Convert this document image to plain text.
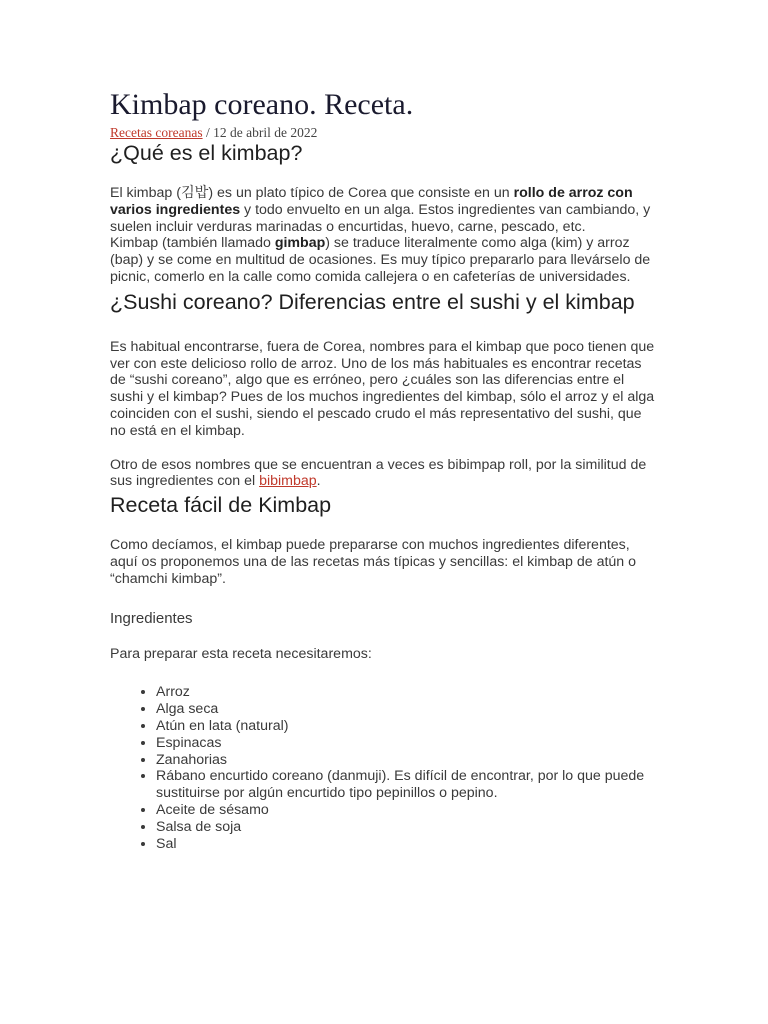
Kimbap coreano. Receta.
Recetas coreanas / 12 de abril de 2022
¿Qué es el kimbap?

El kimbap (김밥) es un plato típico de Corea que consiste en un rollo de arroz con varios ingredientes y todo envuelto en un alga. Estos ingredientes van cambiando, y suelen incluir verduras marinadas o encurtidas, huevo, carne, pescado, etc.

Kimbap (también llamado gimbap) se traduce literalmente como alga (kim) y arroz (bap) y se come en multitud de ocasiones. Es muy típico prepararlo para llevárselo de picnic, comerlo en la calle como comida callejera o en cafeterías de universidades.

¿Sushi coreano? Diferencias entre el sushi y el kimbap

Es habitual encontrarse, fuera de Corea, nombres para el kimbap que poco tienen que ver con este delicioso rollo de arroz. Uno de los más habituales es encontrar recetas de “sushi coreano”, algo que es erróneo, pero ¿cuáles son las diferencias entre el sushi y el kimbap? Pues de los muchos ingredientes del kimbap, sólo el arroz y el alga coinciden con el sushi, siendo el pescado crudo el más representativo del sushi, que no está en el kimbap.

Otro de esos nombres que se encuentran a veces es bibimpap roll, por la similitud de sus ingredientes con el bibimbap.

Receta fácil de Kimbap

Como decíamos, el kimbap puede prepararse con muchos ingredientes diferentes, aquí os proponemos una de las recetas más típicas y sencillas: el kimbap de atún o “chamchi kimbap”.

Ingredientes

Para preparar esta receta necesitaremos:

• Arroz
• Alga seca
• Atún en lata (natural)
• Espinacas
• Zanahorias
• Rábano encurtido coreano (danmuji). Es difícil de encontrar, por lo que puede sustituirse por algún encurtido tipo pepinillos o pepino.
• Aceite de sésamo
• Salsa de soja
• Sal
